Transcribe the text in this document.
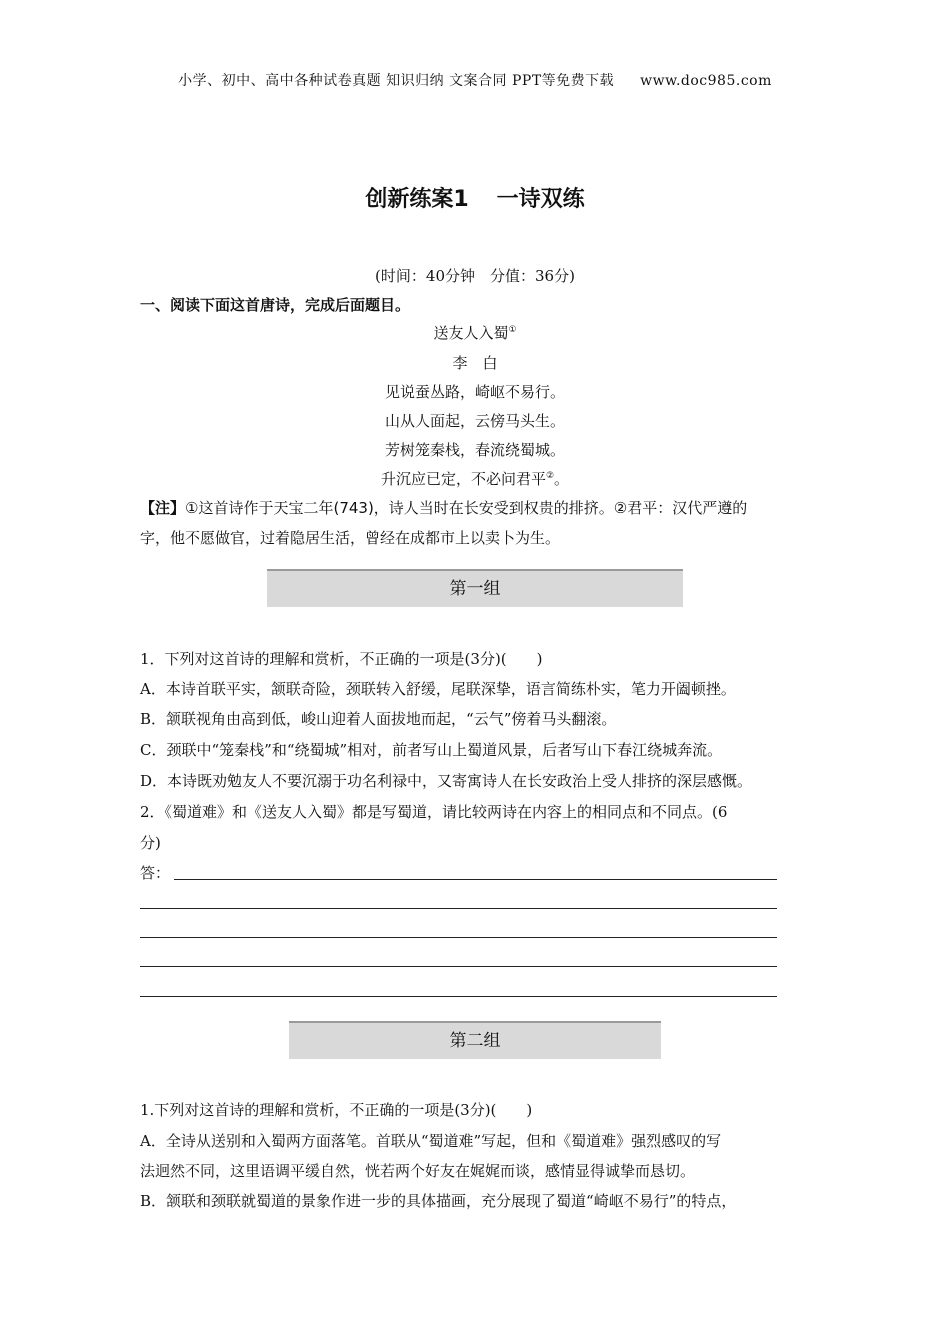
小学、初中、高中各种试卷真题 知识归纳 文案合同 PPT等免费下载 www.doc985.com
创新练案1 一诗双练
(时间：40分钟　分值：36分)
一、阅读下面这首唐诗，完成后面题目。
送友人入蜀①
李　白
见说蚕丛路，崎岖不易行。
山从人面起，云傍马头生。
芳树笼秦栈，春流绕蜀城。
升沉应已定，不必问君平②。
【注】①这首诗作于天宝二年(743)，诗人当时在长安受到权贵的排挤。②君平：汉代严遵的
字，他不愿做官，过着隐居生活，曾经在成都市上以卖卜为生。
第一组
1．下列对这首诗的理解和赏析，不正确的一项是(3分)(　　)
A．本诗首联平实，颔联奇险，颈联转入舒缓，尾联深挚，语言简练朴实，笔力开阖顿挫。
B．颔联视角由高到低，峻山迎着人面拔地而起，“云气”傍着马头翻滚。
C．颈联中“笼秦栈”和“绕蜀城”相对，前者写山上蜀道风景，后者写山下春江绕城奔流。
D．本诗既劝勉友人不要沉溺于功名利禄中，又寄寓诗人在长安政治上受人排挤的深层感慨。
2．《蜀道难》和《送友人入蜀》都是写蜀道，请比较两诗在内容上的相同点和不同点。(6
分)
答：
第二组
1.下列对这首诗的理解和赏析，不正确的一项是(3分)(　　)
A．全诗从送别和入蜀两方面落笔。首联从“蜀道难”写起，但和《蜀道难》强烈感叹的写
法迥然不同，这里语调平缓自然，恍若两个好友在娓娓而谈，感情显得诚挚而恳切。
B．颔联和颈联就蜀道的景象作进一步的具体描画，充分展现了蜀道“崎岖不易行”的特点，
